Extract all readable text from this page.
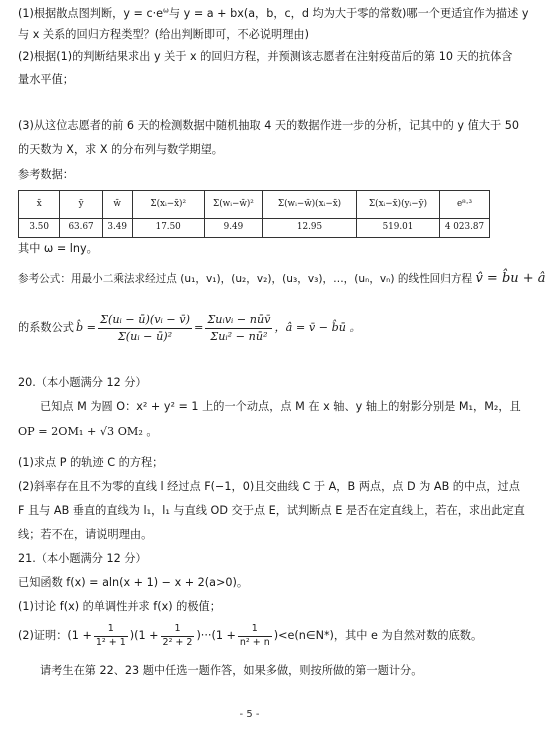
(1)根据散点图判断，$y = c\cdot e^\omega$与 y = a + bx(a，b，c，d 均为大于零的常数)哪一个更适宜作为描述 y
与 x 关系的回归方程类型？(给出判断即可，不必说明理由)
(2)根据(1)的判断结果求出 y 关于 x 的回归方程，并预测该志愿者在注射疫苗后的第 10 天的抗体含
量水平值；
(3)从这位志愿者的前 6 天的检测数据中随机抽取 4 天的数据作进一步的分析，记其中的 y 值大于 50
的天数为 X，求 X 的分布列与数学期望。
参考数据：
x̄	ȳ	w̄	Σ(xᵢ−x̄)²	Σ(wᵢ−w̄)²	Σ(wᵢ−w̄)(xᵢ−x̄)	Σ(xᵢ−x̄)(yᵢ−ȳ)	e⁸·³
3.50	63.67	3.49	17.50	9.49	12.95	519.01	4 023.87
其中 ω = lny。
参考公式：用最小二乘法求经过点 (u₁，v₁)，(u₂，v₂)，(u₃，v₃)，…，(uₙ，vₙ) 的线性回归方程 v̂ = b̂u + â
的系数公式 b̂ = $\frac{\text{Σ(uᵢ − ū)(vᵢ − v̄)}}{\text{Σ(uᵢ − ū)²}} = \frac{\text{Σuᵢvᵢ − nūv̄}}{\text{Σuᵢ² − nū²}}$ ，â = v̄ − b̂ū 。
20.（本小题满分 12 分）
已知点 M 为圆 O：x² + y² = 1 上的一个动点，点 M 在 x 轴、y 轴上的射影分别是 M₁，M₂，且
OP = 2OM₁ + √3 OM₂ 。
(1)求点 P 的轨迹 C 的方程；
(2)斜率存在且不为零的直线 l 经过点 F(−1，0)且交曲线 C 于 A，B 两点，点 D 为 AB 的中点，过点
F 且与 AB 垂直的直线为 l₁，l₁ 与直线 OD 交于点 E，试判断点 E 是否在定直线上，若在，求出此定直
线；若不在，请说明理由。
21.（本小题满分 12 分）
已知函数 f(x) = aln(x + 1) − x + 2(a>0)。
(1)讨论 f(x) 的单调性并求 f(x) 的极值；
(2)证明： $(1 + \frac{1}{\text{1² + 1}} )(1 + \frac{1}{\text{2² + 2}} )\cdot\cdot\cdot(1 + \frac{1}{\text{n² + n}}$ )<e(n∈N*)，其中 e 为自然对数的底数。
请考生在第 22、23 题中任选一题作答，如果多做，则按所做的第一题计分。
- 5 -
